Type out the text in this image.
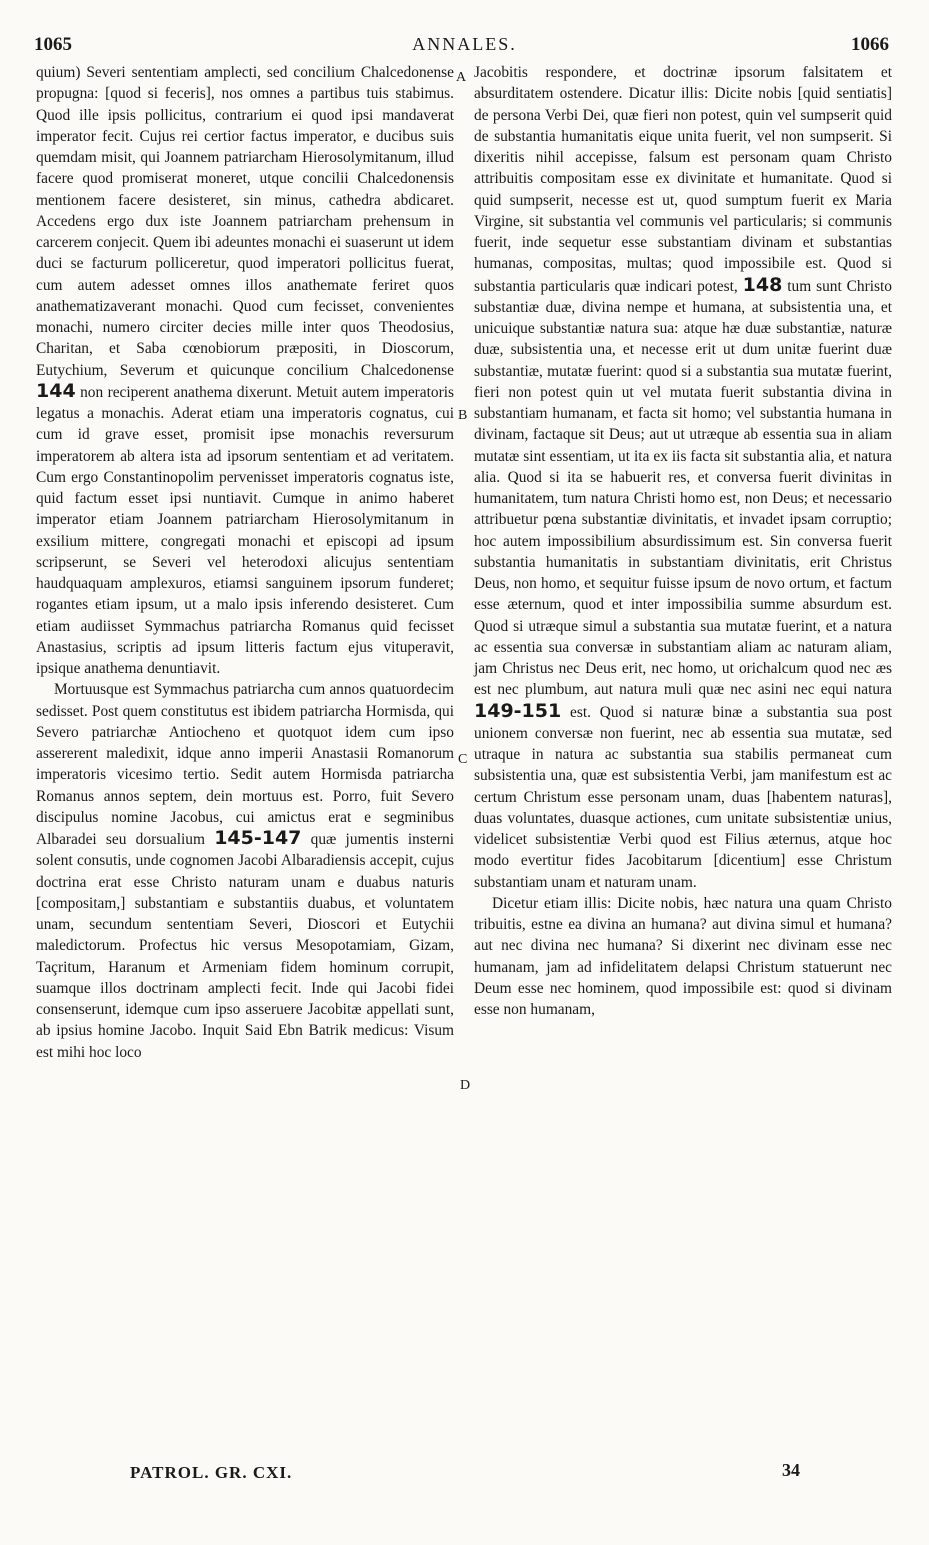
1065	ANNALES.	1066

quium) Severi sententiam amplecti, sed concilium Chalcedonense propugna: [quod si feceris], nos omnes a partibus tuis stabimus. Quod ille ipsis pollicitus, contrarium ei quod ipsi mandaverat imperator fecit. Cujus rei certior factus imperator, e ducibus suis quemdam misit, qui Joannem patriarcham Hierosolymitanum, illud facere quod promiserat moneret, utque concilii Chalcedonensis mentionem facere desisteret, sin minus, cathedra abdicaret. Accedens ergo dux iste Joannem patriarcham prehensum in carcerem conjecit. Quem ibi adeuntes monachi ei suaserunt ut idem duci se facturum polliceretur, quod imperatori pollicitus fuerat, cum autem adesset omnes illos anathemate feriret quos anathematizaverant monachi. Quod cum fecisset, convenientes monachi, numero circiter decies mille inter quos Theodosius, Charitan, et Saba cœnobiorum præpositi, in Dioscorum, Eutychium, Severum et quicunque concilium Chalcedonense 144 non reciperent anathema dixerunt. Metuit autem imperatoris legatus a monachis. Aderat etiam una imperatoris cognatus, cui cum id grave esset, promisit ipse monachis reversurum imperatorem ab altera ista ad ipsorum sententiam et ad veritatem. Cum ergo Constantinopolim pervenisset imperatoris cognatus iste, quid factum esset ipsi nuntiavit. Cumque in animo haberet imperator etiam Joannem patriarcham Hierosolymitanum in exsilium mittere, congregati monachi et episcopi ad ipsum scripserunt, se Severi vel heterodoxi alicujus sententiam haudquaquam amplexuros, etiamsi sanguinem ipsorum funderet; rogantes etiam ipsum, ut a malo ipsis inferendo desisteret. Cum etiam audiisset Symmachus patriarcha Romanus quid fecisset Anastasius, scriptis ad ipsum litteris factum ejus vituperavit, ipsique anathema denuntiavit.

Mortuusque est Symmachus patriarcha cum annos quatuordecim sedisset. Post quem constitutus est ibidem patriarcha Hormisda, qui Severo patriarchæ Antiocheno et quotquot idem cum ipso assererent maledixit, idque anno imperii Anastasii Romanorum imperatoris vicesimo tertio. Sedit autem Hormisda patriarcha Romanus annos septem, dein mortuus est. Porro, fuit Severo discipulus nomine Jacobus, cui amictus erat e segminibus Albaradei seu dorsualium 145-147 quæ jumentis insterni solent consutis, unde cognomen Jacobi Albaradiensis accepit, cujus doctrina erat esse Christo naturam unam e duabus naturis [compositam,] substantiam e substantiis duabus, et voluntatem unam, secundum sententiam Severi, Dioscori et Eutychii maledictorum. Profectus hic versus Mesopotamiam, Gizam, Taçritum, Haranum et Armeniam fidem hominum corrupit, suamque illos doctrinam amplecti fecit. Inde qui Jacobi fidei consenserunt, idemque cum ipso asseruere Jacobitæ appellati sunt, ab ipsius homine Jacobo. Inquit Said Ebn Batrik medicus: Visum est mihi hoc loco

Jacobitis respondere, et doctrinæ ipsorum falsitatem et absurditatem ostendere. Dicatur illis: Dicite nobis [quid sentiatis] de persona Verbi Dei, quæ fieri non potest, quin vel sumpserit quid de substantia humanitatis eique unita fuerit, vel non sumpserit. Si dixeritis nihil accepisse, falsum est personam quam Christo attribuitis compositam esse ex divinitate et humanitate. Quod si quid sumpserit, necesse est ut, quod sumptum fuerit ex Maria Virgine, sit substantia vel communis vel particularis; si communis fuerit, inde sequetur esse substantiam divinam et substantias humanas, compositas, multas; quod impossibile est. Quod si substantia particularis quæ indicari potest, 148 tum sunt Christo substantiæ duæ, divina nempe et humana, at subsistentia una, et unicuique substantiæ natura sua: atque hæ duæ substantiæ, naturæ duæ, subsistentia una, et necesse erit ut dum unitæ fuerint duæ substantiæ, mutatæ fuerint: quod si a substantia sua mutatæ fuerint, fieri non potest quin ut vel mutata fuerit substantia divina in substantiam humanam, et facta sit homo; vel substantia humana in divinam, factaque sit Deus; aut ut utræque ab essentia sua in aliam mutatæ sint essentiam, ut ita ex iis facta sit substantia alia, et natura alia. Quod si ita se habuerit res, et conversa fuerit divinitas in humanitatem, tum natura Christi homo est, non Deus; et necessario attribuetur pœna substantiæ divinitatis, et invadet ipsam corruptio; hoc autem impossibilium absurdissimum est. Sin conversa fuerit substantia humanitatis in substantiam divinitatis, erit Christus Deus, non homo, et sequitur fuisse ipsum de novo ortum, et factum esse æternum, quod et inter impossibilia summe absurdum est. Quod si utræque simul a substantia sua mutatæ fuerint, et a natura ac essentia sua conversæ in substantiam aliam ac naturam aliam, jam Christus nec Deus erit, nec homo, ut orichalcum quod nec æs est nec plumbum, aut natura muli quæ nec asini nec equi natura 149-151 est. Quod si naturæ binæ a substantia sua post unionem conversæ non fuerint, nec ab essentia sua mutatæ, sed utraque in natura ac substantia sua stabilis permaneat cum subsistentia una, quæ est subsistentia Verbi, jam manifestum est ac certum Christum esse personam unam, duas [habentem naturas], duas voluntates, duasque actiones, cum unitate subsistentiæ unius, videlicet subsistentiæ Verbi quod est Filius æternus, atque hoc modo evertitur fides Jacobitarum [dicentium] esse Christum substantiam unam et naturam unam.

Dicetur etiam illis: Dicite nobis, hæc natura una quam Christo tribuitis, estne ea divina an humana? aut divina simul et humana? aut nec divina nec humana? Si dixerint nec divinam esse nec humanam, jam ad infidelitatem delapsi Christum statuerunt nec Deum esse nec hominem, quod impossibile est: quod si divinam esse non humanam,

A
B
C
D
PATROL. GR. CXI.	34
